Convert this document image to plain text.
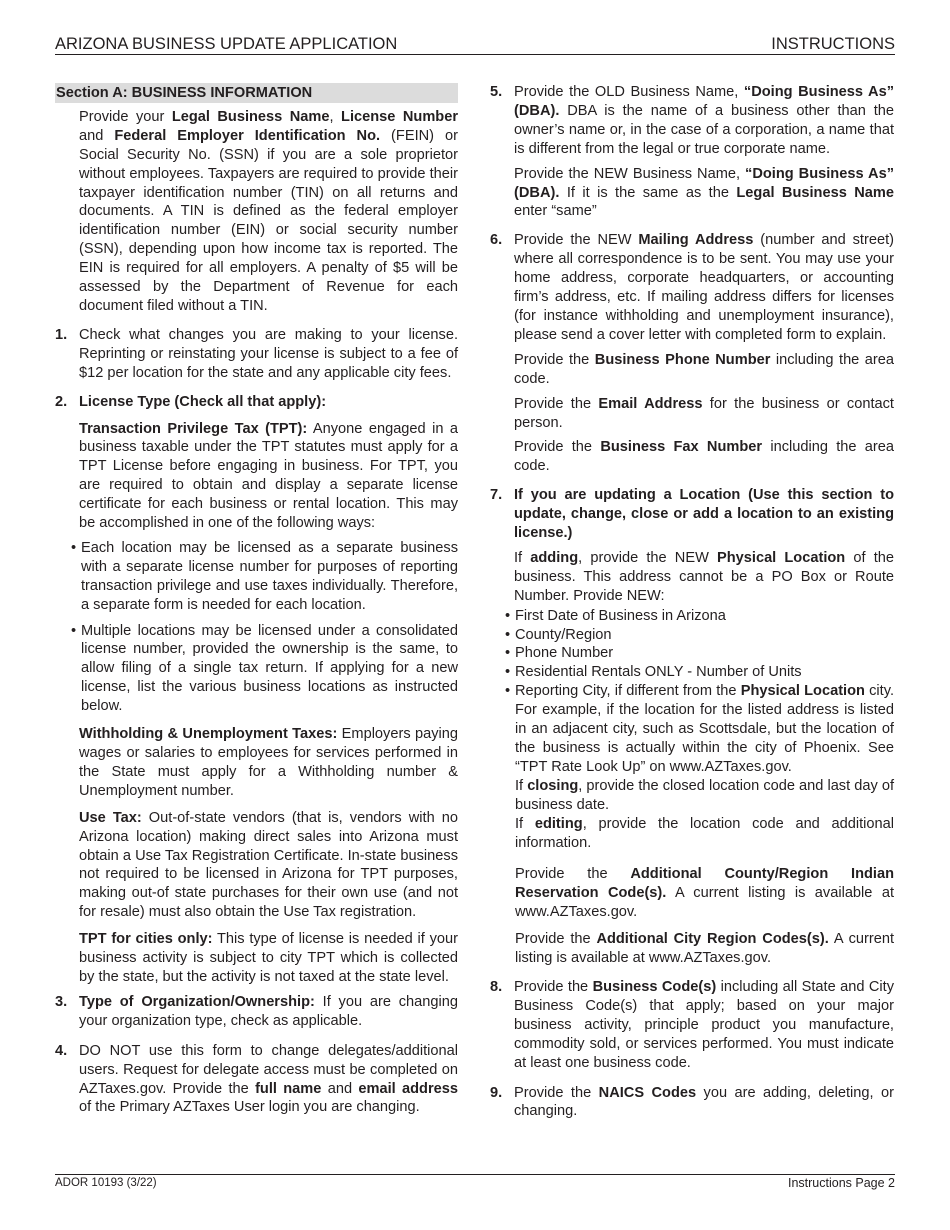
ARIZONA BUSINESS UPDATE APPLICATION	INSTRUCTIONS
Section A: BUSINESS INFORMATION

Provide your Legal Business Name, License Number and Federal Employer Identification No. (FEIN) or Social Security No. (SSN) if you are a sole proprietor without employees. Taxpayers are required to provide their taxpayer identification number (TIN) on all returns and documents. A TIN is defined as the federal employer identification number (EIN) or social security number (SSN), depending upon how income tax is reported. The EIN is required for all employers. A penalty of $5 will be assessed by the Department of Revenue for each document filed without a TIN.

1. Check what changes you are making to your license. Reprinting or reinstating your license is subject to a fee of $12 per location for the state and any applicable city fees.
2. License Type (Check all that apply):
Transaction Privilege Tax (TPT): Anyone engaged in a business taxable under the TPT statutes must apply for a TPT License before engaging in business. For TPT, you are required to obtain and display a separate license certificate for each business or rental location. This may be accomplished in one of the following ways:
• Each location may be licensed as a separate business with a separate license number for purposes of reporting transaction privilege and use taxes individually. Therefore, a separate form is needed for each location.
• Multiple locations may be licensed under a consolidated license number, provided the ownership is the same, to allow filing of a single tax return. If applying for a new license, list the various business locations as instructed below.
Withholding & Unemployment Taxes: Employers paying wages or salaries to employees for services performed in the State must apply for a Withholding number & Unemployment number.
Use Tax: Out-of-state vendors (that is, vendors with no Arizona location) making direct sales into Arizona must obtain a Use Tax Registration Certificate. In-state business not required to be licensed in Arizona for TPT purposes, making out-of state purchases for their own use (and not for resale) must also obtain the Use Tax registration.
TPT for cities only: This type of license is needed if your business activity is subject to city TPT which is collected by the state, but the activity is not taxed at the state level.
3. Type of Organization/Ownership: If you are changing your organization type, check as applicable.
4. DO NOT use this form to change delegates/additional users. Request for delegate access must be completed on AZTaxes.gov. Provide the full name and email address of the Primary AZTaxes User login you are changing.
5. Provide the OLD Business Name, “Doing Business As” (DBA). DBA is the name of a business other than the owner’s name or, in the case of a corporation, a name that is different from the legal or true corporate name.
Provide the NEW Business Name, “Doing Business As” (DBA). If it is the same as the Legal Business Name enter “same”
6. Provide the NEW Mailing Address (number and street) where all correspondence is to be sent. You may use your home address, corporate headquarters, or accounting firm’s address, etc. If mailing address differs for licenses (for instance withholding and unemployment insurance), please send a cover letter with completed form to explain.
Provide the Business Phone Number including the area code.
Provide the Email Address for the business or contact person.
Provide the Business Fax Number including the area code.
7. If you are updating a Location (Use this section to update, change, close or add a location to an existing license.)
If adding, provide the NEW Physical Location of the business. This address cannot be a PO Box or Route Number. Provide NEW:
• First Date of Business in Arizona
• County/Region
• Phone Number
• Residential Rentals ONLY - Number of Units
• Reporting City, if different from the Physical Location city. For example, if the location for the listed address is listed in an adjacent city, such as Scottsdale, but the location of the business is actually within the city of Phoenix. See “TPT Rate Look Up” on www.AZTaxes.gov.
If closing, provide the closed location code and last day of business date.
If editing, provide the location code and additional information.
Provide the Additional County/Region Indian Reservation Code(s). A current listing is available at www.AZTaxes.gov.
Provide the Additional City Region Codes(s). A current listing is available at www.AZTaxes.gov.
8. Provide the Business Code(s) including all State and City Business Code(s) that apply; based on your major business activity, principle product you manufacture, commodity sold, or services performed. You must indicate at least one business code.
9. Provide the NAICS Codes you are adding, deleting, or changing.
ADOR 10193 (3/22)	Instructions Page 2
